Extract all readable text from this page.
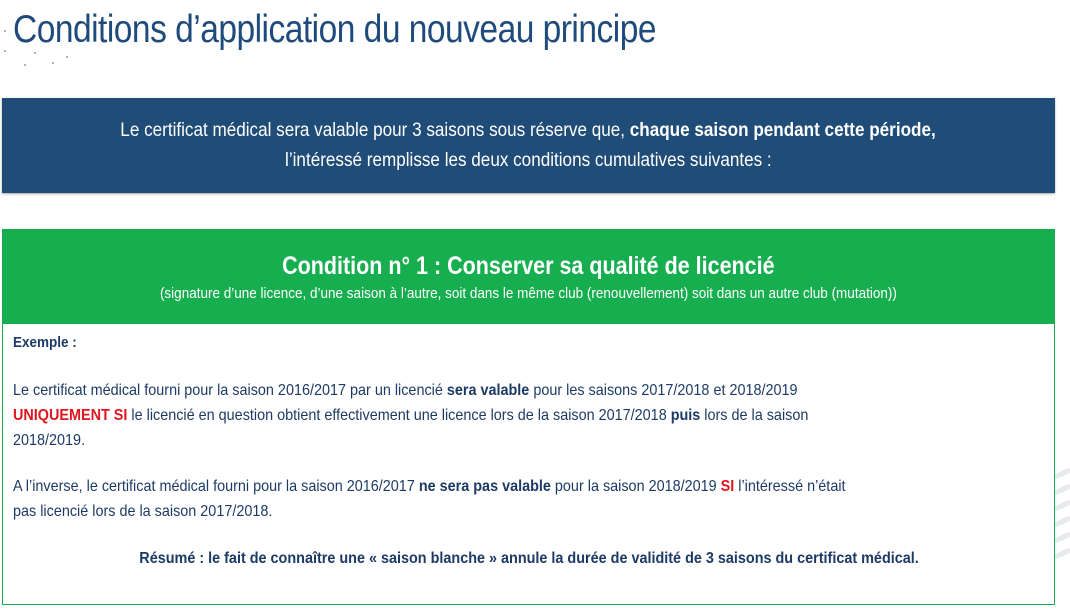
Conditions d’application du nouveau principe
Le certificat médical sera valable pour 3 saisons sous réserve que, chaque saison pendant cette période,
l’intéressé remplisse les deux conditions cumulatives suivantes :
Condition n° 1 : Conserver sa qualité de licencié
(signature d’une licence, d’une saison à l’autre, soit dans le même club (renouvellement) soit dans un autre club (mutation))
Exemple :
Le certificat médical fourni pour la saison 2016/2017 par un licencié sera valable pour les saisons 2017/2018 et 2018/2019
UNIQUEMENT SI le licencié en question obtient effectivement une licence lors de la saison 2017/2018 puis lors de la saison
2018/2019.
A l’inverse, le certificat médical fourni pour la saison 2016/2017 ne sera pas valable pour la saison 2018/2019 SI l’intéressé n’était
pas licencié lors de la saison 2017/2018.
Résumé : le fait de connaître une « saison blanche » annule la durée de validité de 3 saisons du certificat médical.
